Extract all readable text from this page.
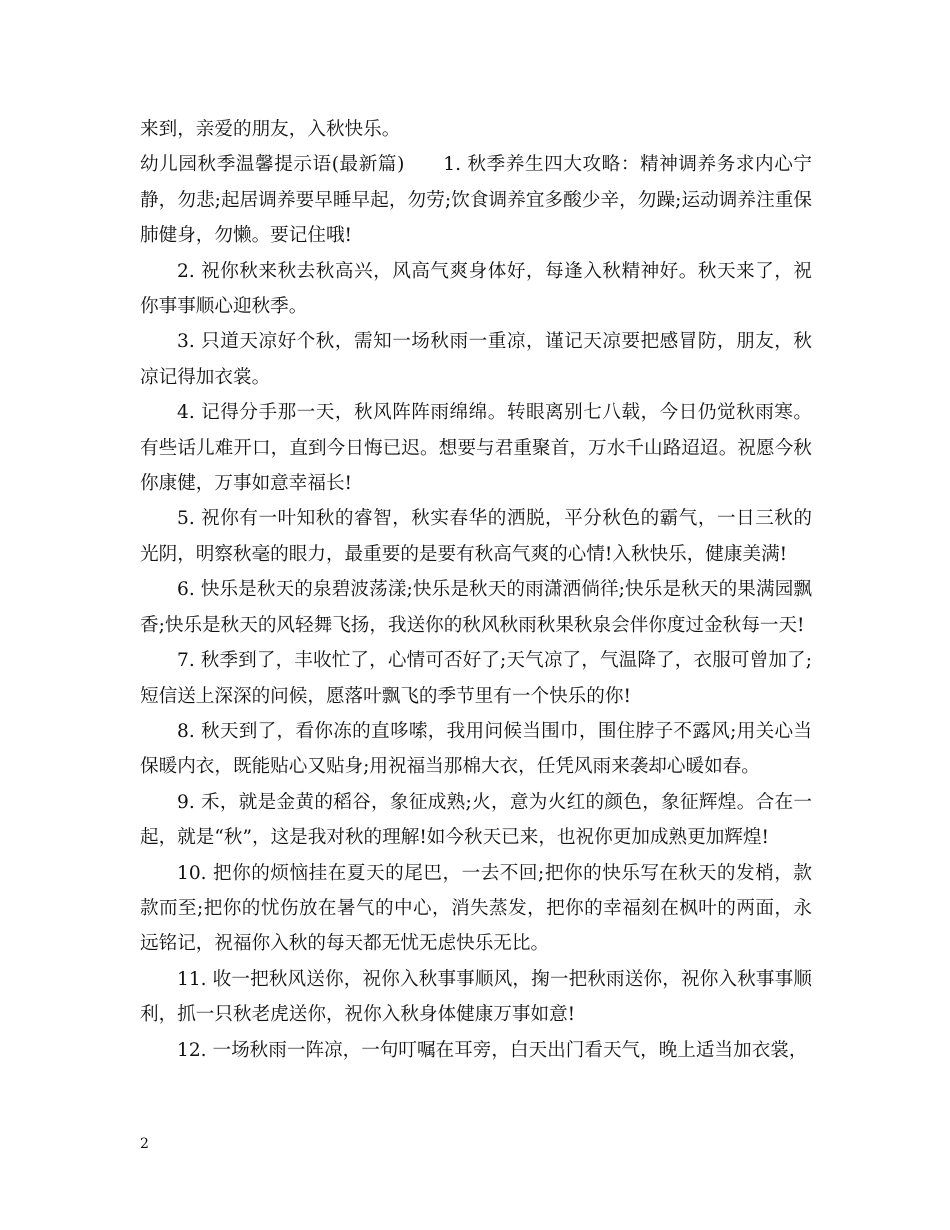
来到，亲爱的朋友，入秋快乐。

幼儿园秋季温馨提示语(最新篇)　　1. 秋季养生四大攻略：精神调养务求内心宁静，勿悲;起居调养要早睡早起，勿劳;饮食调养宜多酸少辛，勿躁;运动调养注重保肺健身，勿懒。要记住哦!

2. 祝你秋来秋去秋高兴，风高气爽身体好，每逢入秋精神好。秋天来了，祝你事事顺心迎秋季。

3. 只道天凉好个秋，需知一场秋雨一重凉，谨记天凉要把感冒防，朋友，秋凉记得加衣裳。

4. 记得分手那一天，秋风阵阵雨绵绵。转眼离别七八载，今日仍觉秋雨寒。有些话儿难开口，直到今日悔已迟。想要与君重聚首，万水千山路迢迢。祝愿今秋你康健，万事如意幸福长!

5. 祝你有一叶知秋的睿智，秋实春华的洒脱，平分秋色的霸气，一日三秋的光阴，明察秋毫的眼力，最重要的是要有秋高气爽的心情!入秋快乐，健康美满!

6. 快乐是秋天的泉碧波荡漾;快乐是秋天的雨潇洒倘徉;快乐是秋天的果满园飘香;快乐是秋天的风轻舞飞扬，我送你的秋风秋雨秋果秋泉会伴你度过金秋每一天!

7. 秋季到了，丰收忙了，心情可否好了;天气凉了，气温降了，衣服可曾加了;短信送上深深的问候，愿落叶飘飞的季节里有一个快乐的你!

8. 秋天到了，看你冻的直哆嗦，我用问候当围巾，围住脖子不露风;用关心当保暖内衣，既能贴心又贴身;用祝福当那棉大衣，任凭风雨来袭却心暖如春。

9. 禾，就是金黄的稻谷，象征成熟;火，意为火红的颜色，象征辉煌。合在一起，就是“秋”，这是我对秋的理解!如今秋天已来，也祝你更加成熟更加辉煌!

10. 把你的烦恼挂在夏天的尾巴，一去不回;把你的快乐写在秋天的发梢，款款而至;把你的忧伤放在暑气的中心，消失蒸发，把你的幸福刻在枫叶的两面，永远铭记，祝福你入秋的每天都无忧无虑快乐无比。

11. 收一把秋风送你，祝你入秋事事顺风，掬一把秋雨送你，祝你入秋事事顺利，抓一只秋老虎送你，祝你入秋身体健康万事如意!

12. 一场秋雨一阵凉，一句叮嘱在耳旁，白天出门看天气，晚上适当加衣裳，

2
